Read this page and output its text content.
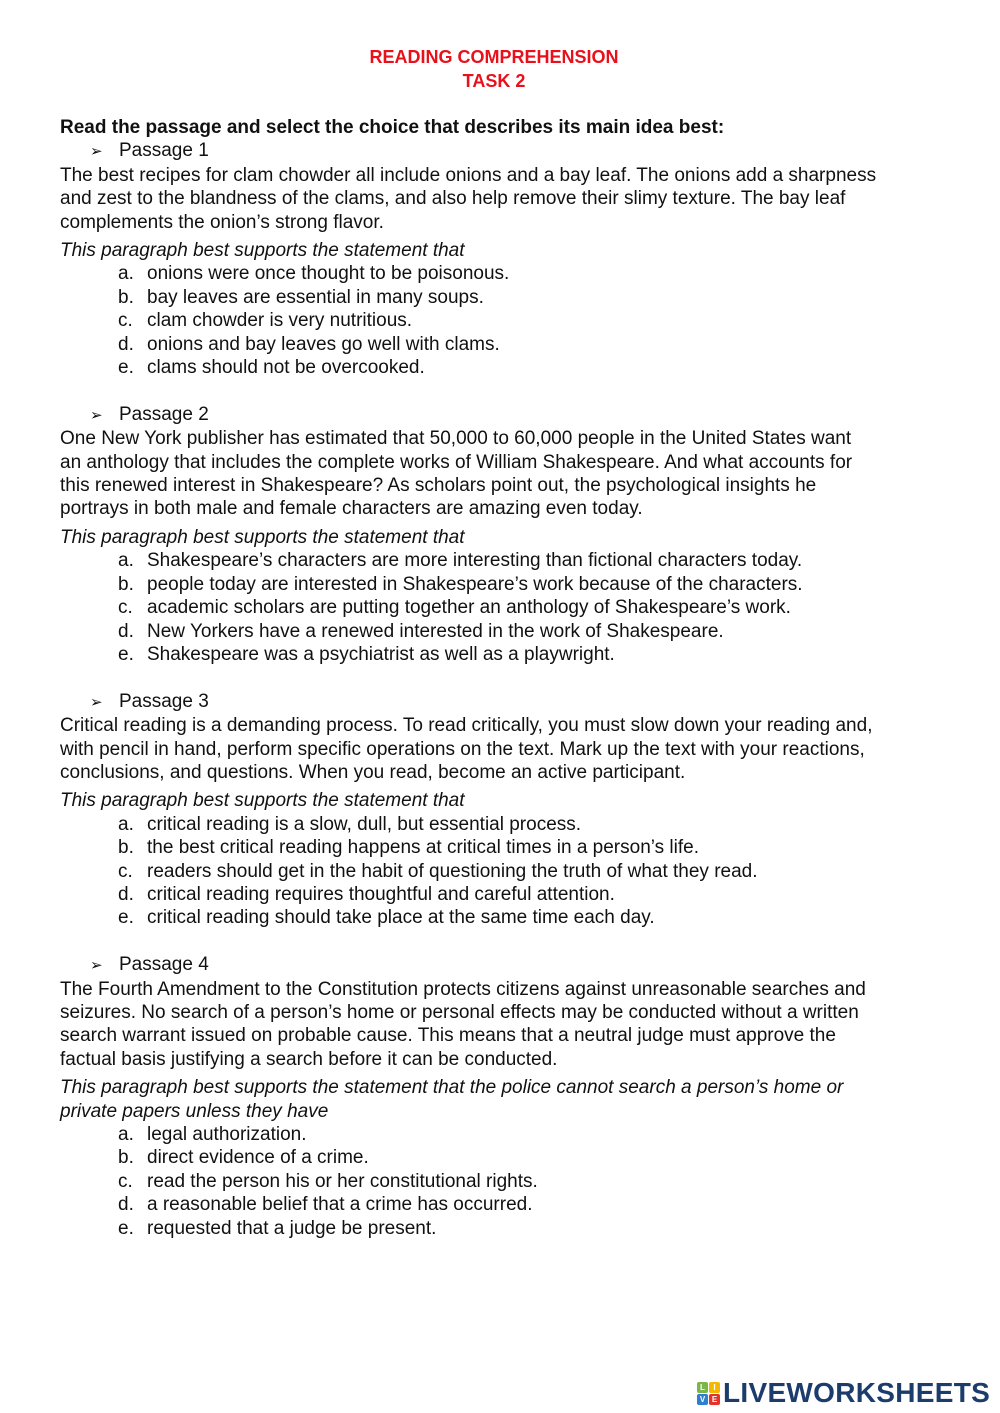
READING COMPREHENSION
TASK 2
Read the passage and select the choice that describes its main idea best:
➢ Passage 1
The best recipes for clam chowder all include onions and a bay leaf. The onions add a sharpness
and zest to the blandness of the clams, and also help remove their slimy texture. The bay leaf
complements the onion’s strong flavor.
This paragraph best supports the statement that
a. onions were once thought to be poisonous.
b. bay leaves are essential in many soups.
c. clam chowder is very nutritious.
d. onions and bay leaves go well with clams.
e. clams should not be overcooked.
➢ Passage 2
One New York publisher has estimated that 50,000 to 60,000 people in the United States want
an anthology that includes the complete works of William Shakespeare. And what accounts for
this renewed interest in Shakespeare? As scholars point out, the psychological insights he
portrays in both male and female characters are amazing even today.
This paragraph best supports the statement that
a. Shakespeare’s characters are more interesting than fictional characters today.
b. people today are interested in Shakespeare’s work because of the characters.
c. academic scholars are putting together an anthology of Shakespeare’s work.
d. New Yorkers have a renewed interested in the work of Shakespeare.
e. Shakespeare was a psychiatrist as well as a playwright.
➢ Passage 3
Critical reading is a demanding process. To read critically, you must slow down your reading and,
with pencil in hand, perform specific operations on the text. Mark up the text with your reactions,
conclusions, and questions. When you read, become an active participant.
This paragraph best supports the statement that
a. critical reading is a slow, dull, but essential process.
b. the best critical reading happens at critical times in a person’s life.
c. readers should get in the habit of questioning the truth of what they read.
d. critical reading requires thoughtful and careful attention.
e. critical reading should take place at the same time each day.
➢ Passage 4
The Fourth Amendment to the Constitution protects citizens against unreasonable searches and
seizures. No search of a person’s home or personal effects may be conducted without a written
search warrant issued on probable cause. This means that a neutral judge must approve the
factual basis justifying a search before it can be conducted.
This paragraph best supports the statement that the police cannot search a person’s home or
private papers unless they have
a. legal authorization.
b. direct evidence of a crime.
c. read the person his or her constitutional rights.
d. a reasonable belief that a crime has occurred.
e. requested that a judge be present.
L	I
V E LIVEWORKSHEETS
